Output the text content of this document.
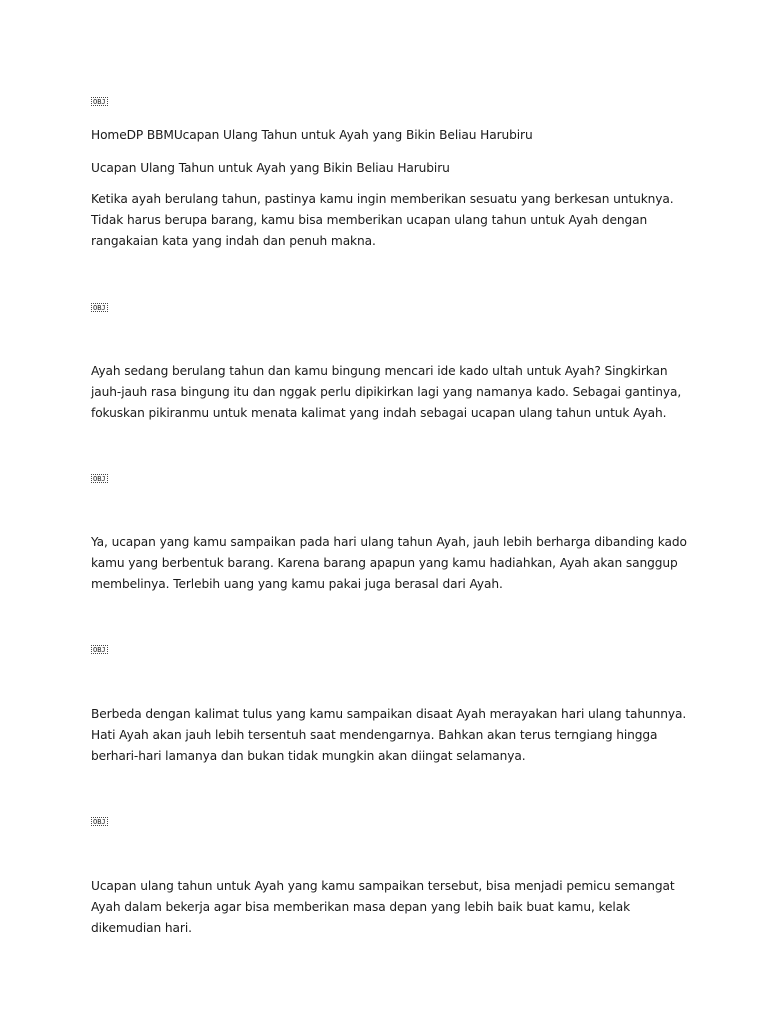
OBJ
HomeDP BBMUcapan Ulang Tahun untuk Ayah yang Bikin Beliau Harubiru
Ucapan Ulang Tahun untuk Ayah yang Bikin Beliau Harubiru
Ketika ayah berulang tahun, pastinya kamu ingin memberikan sesuatu yang berkesan untuknya. Tidak harus berupa barang, kamu bisa memberikan ucapan ulang tahun untuk Ayah dengan rangakaian kata yang indah dan penuh makna.
OBJ
Ayah sedang berulang tahun dan kamu bingung mencari ide kado ultah untuk Ayah? Singkirkan jauh-jauh rasa bingung itu dan nggak perlu dipikirkan lagi yang namanya kado. Sebagai gantinya, fokuskan pikiranmu untuk menata kalimat yang indah sebagai ucapan ulang tahun untuk Ayah.
OBJ
Ya, ucapan yang kamu sampaikan pada hari ulang tahun Ayah, jauh lebih berharga dibanding kado kamu yang berbentuk barang. Karena barang apapun yang kamu hadiahkan, Ayah akan sanggup membelinya. Terlebih uang yang kamu pakai juga berasal dari Ayah.
OBJ
Berbeda dengan kalimat tulus yang kamu sampaikan disaat Ayah merayakan hari ulang tahunnya. Hati Ayah akan jauh lebih tersentuh saat mendengarnya. Bahkan akan terus terngiang hingga berhari-hari lamanya dan bukan tidak mungkin akan diingat selamanya.
OBJ
Ucapan ulang tahun untuk Ayah yang kamu sampaikan tersebut, bisa menjadi pemicu semangat Ayah dalam bekerja agar bisa memberikan masa depan yang lebih baik buat kamu, kelak dikemudian hari.
